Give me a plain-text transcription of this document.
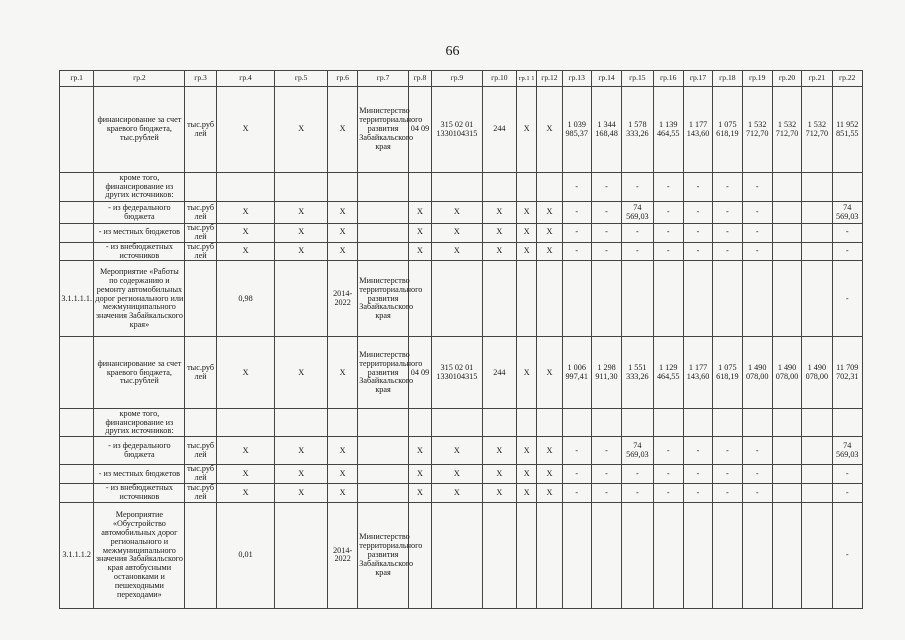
66
гр.1	гр.2	гр.3	гр.4	гр.5	гр.6	гр.7	гр.8	гр.9	гр.10	гр.1 1	гр.12	гр.13	гр.14	гр.15	гр.16	гр.17	гр.18	гр.19	гр.20	гр.21	гр.22
	финансирование за счет краевого бюджета, тыс.рублей	тыс.руб лей	X	X	X	Министерство территориального развития Забайкальского края	04 09	315 02 01 1330104315	244	X	X	1 039 985,37	1 344 168,48	1 578 333,26	1 139 464,55	1 177 143,60	1 075 618,19	1 532 712,70	1 532 712,70	1 532 712,70	11 952 851,55
	кроме того, финансирование из других источников:											-	-	-	-	-	-	-			
	- из федерального бюджета	тыс.руб лей	X	X	X		X	X	X	X	X	-	-	74 569,03	-	-	-	-			74 569,03
	- из местных бюджетов	тыс.руб лей	X	X	X		X	X	X	X	X	-	-	-	-	-	-	-			-
	- из внебюджетных источников	тыс.руб лей	X	X	X		X	X	X	X	X	-	-	-	-	-	-	-			-
3.1.1.1.1.	Мероприятие «Работы по содержанию и ремонту автомобильных дорог регионального или межмуниципального значения Забайкальского края»		0,98		2014-2022	Министерство территориального развития Забайкальского края															-
	финансирование за счет краевого бюджета, тыс.рублей	тыс.руб лей	X	X	X	Министерство территориального развития Забайкальского края	04 09	315 02 01 1330104315	244	X	X	1 006 997,41	1 298 911,30	1 551 333,26	1 129 464,55	1 177 143,60	1 075 618,19	1 490 078,00	1 490 078,00	1 490 078,00	11 709 702,31
	кроме того, финансирование из других источников:																				
	- из федерального бюджета	тыс.руб лей	X	X	X		X	X	X	X	X	-	-	74 569,03	-	-	-	-			74 569,03
	- из местных бюджетов	тыс.руб лей	X	X	X		X	X	X	X	X	-	-	-	-	-	-	-			-
	- из внебюджетных источников	тыс.руб лей	X	X	X		X	X	X	X	X	-	-	-	-	-	-	-			-
3.1.1.1.2	Мероприятие «Обустройство автомобильных дорог регионального и межмуниципального значения Забайкальского края автобусными остановками и пешеходными переходами»		0,01		2014-2022	Министерство территориального развития Забайкальского края															-
